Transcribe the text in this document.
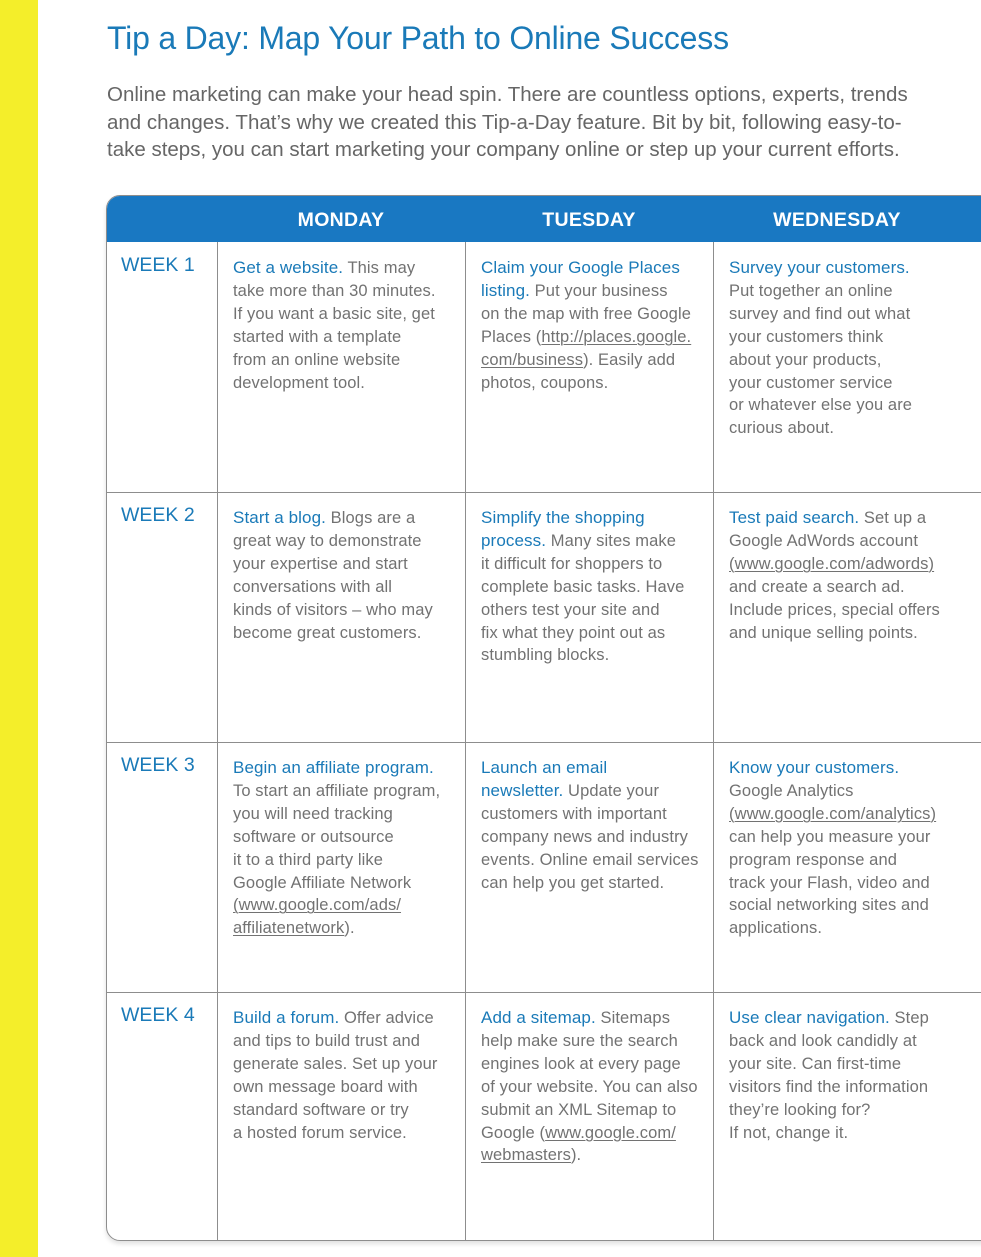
Tip a Day: Map Your Path to Online Success

Online marketing can make your head spin. There are countless options, experts, trends
and changes. That’s why we created this Tip-a-Day feature. Bit by bit, following easy-to-
take steps, you can start marketing your company online or step up your current efforts.

MONDAY	TUESDAY	WEDNESDAY
WEEK 1 Get a website. This may
take more than 30 minutes.
If you want a basic site, get
started with a template
from an online website
development tool.
Claim your Google Places
listing. Put your business
on the map with free Google
Places (http://places.google.
com/business). Easily add
photos, coupons.
Survey your customers.
Put together an online
survey and find out what
your customers think
about your products,
your customer service
or whatever else you are
curious about.
WEEK 2 Start a blog. Blogs are a
great way to demonstrate
your expertise and start
conversations with all
kinds of visitors – who may
become great customers.
Simplify the shopping
process. Many sites make
it difficult for shoppers to
complete basic tasks. Have
others test your site and
fix what they point out as
stumbling blocks.
Test paid search. Set up a
Google AdWords account
(www.google.com/adwords)
and create a search ad.
Include prices, special offers
and unique selling points.
WEEK 3 Begin an affiliate program.
To start an affiliate program,
you will need tracking
software or outsource
it to a third party like
Google Affiliate Network
(www.google.com/ads/
affiliatenetwork).
Launch an email
newsletter. Update your
customers with important
company news and industry
events. Online email services
can help you get started.
Know your customers.
Google Analytics
(www.google.com/analytics)
can help you measure your
program response and
track your Flash, video and
social networking sites and
applications.
WEEK 4 Build a forum. Offer advice
and tips to build trust and
generate sales. Set up your
own message board with
standard software or try
a hosted forum service.
Add a sitemap. Sitemaps
help make sure the search
engines look at every page
of your website. You can also
submit an XML Sitemap to
Google (www.google.com/
webmasters).
Use clear navigation. Step
back and look candidly at
your site. Can first-time
visitors find the information
they’re looking for?
If not, change it.
